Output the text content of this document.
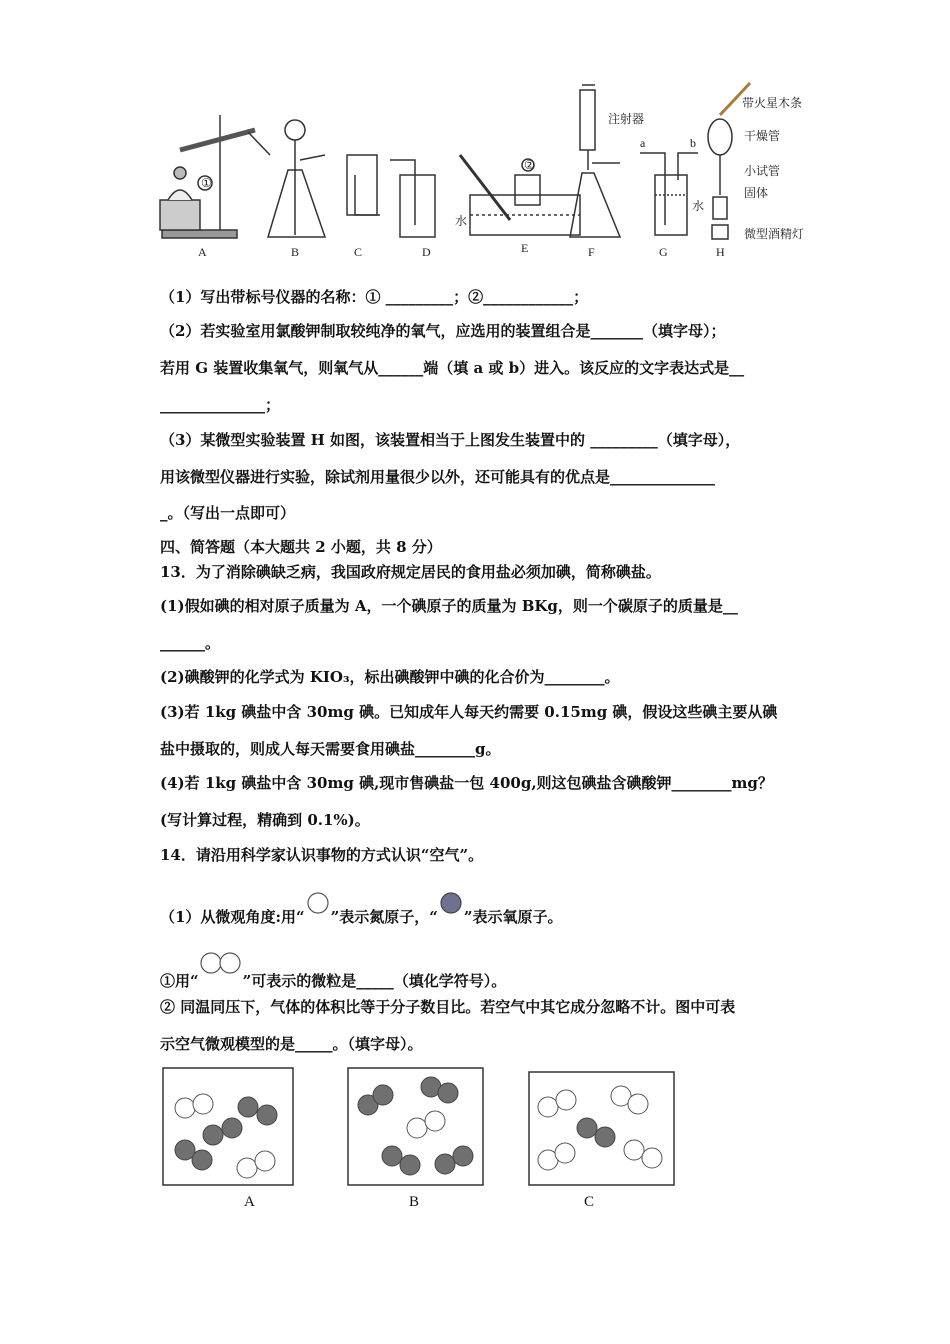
①
②
水
注射器
a	b
水
带火星木条
干燥管
小试管
固体
微型酒精灯
A	B	C	D	E	F	G	H
（1）写出带标号仪器的名称：① _________；②____________；
（2）若实验室用氯酸钾制取较纯净的氧气，应选用的装置组合是_______（填字母）；
若用 G 装置收集氧气，则氧气从______端（填 a 或 b）进入。该反应的文字表达式是__
______________；
（3）某微型实验装置 H 如图，该装置相当于上图发生装置中的 _________（填字母），
用该微型仪器进行实验，除试剂用量很少以外，还可能具有的优点是______________
_。（写出一点即可）
四、简答题（本大题共 2 小题，共 8 分）
13．为了消除碘缺乏病，我国政府规定居民的食用盐必须加碘，简称碘盐。
(1)假如碘的相对原子质量为 A，一个碘原子的质量为 BKg，则一个碳原子的质量是__
______。
(2)碘酸钾的化学式为 KIO₃，标出碘酸钾中碘的化合价为________。
(3)若 1kg 碘盐中含 30mg 碘。已知成年人每天约需要 0.15mg 碘，假设这些碘主要从碘
盐中摄取的，则成人每天需要食用碘盐________g。
(4)若 1kg 碘盐中含 30mg 碘,现市售碘盐一包 400g,则这包碘盐含碘酸钾________mg？
(写计算过程，精确到 0.1%)。
14．请沿用科学家认识事物的方式认识“空气”。
（1）从微观角度:用“ ”表示氮原子，“ ”表示氧原子。
①用“	”可表示的微粒是_____（填化学符号）。
② 同温同压下，气体的体积比等于分子数目比。若空气中其它成分忽略不计。图中可表
示空气微观模型的是_____。（填字母）。
A	B	C
